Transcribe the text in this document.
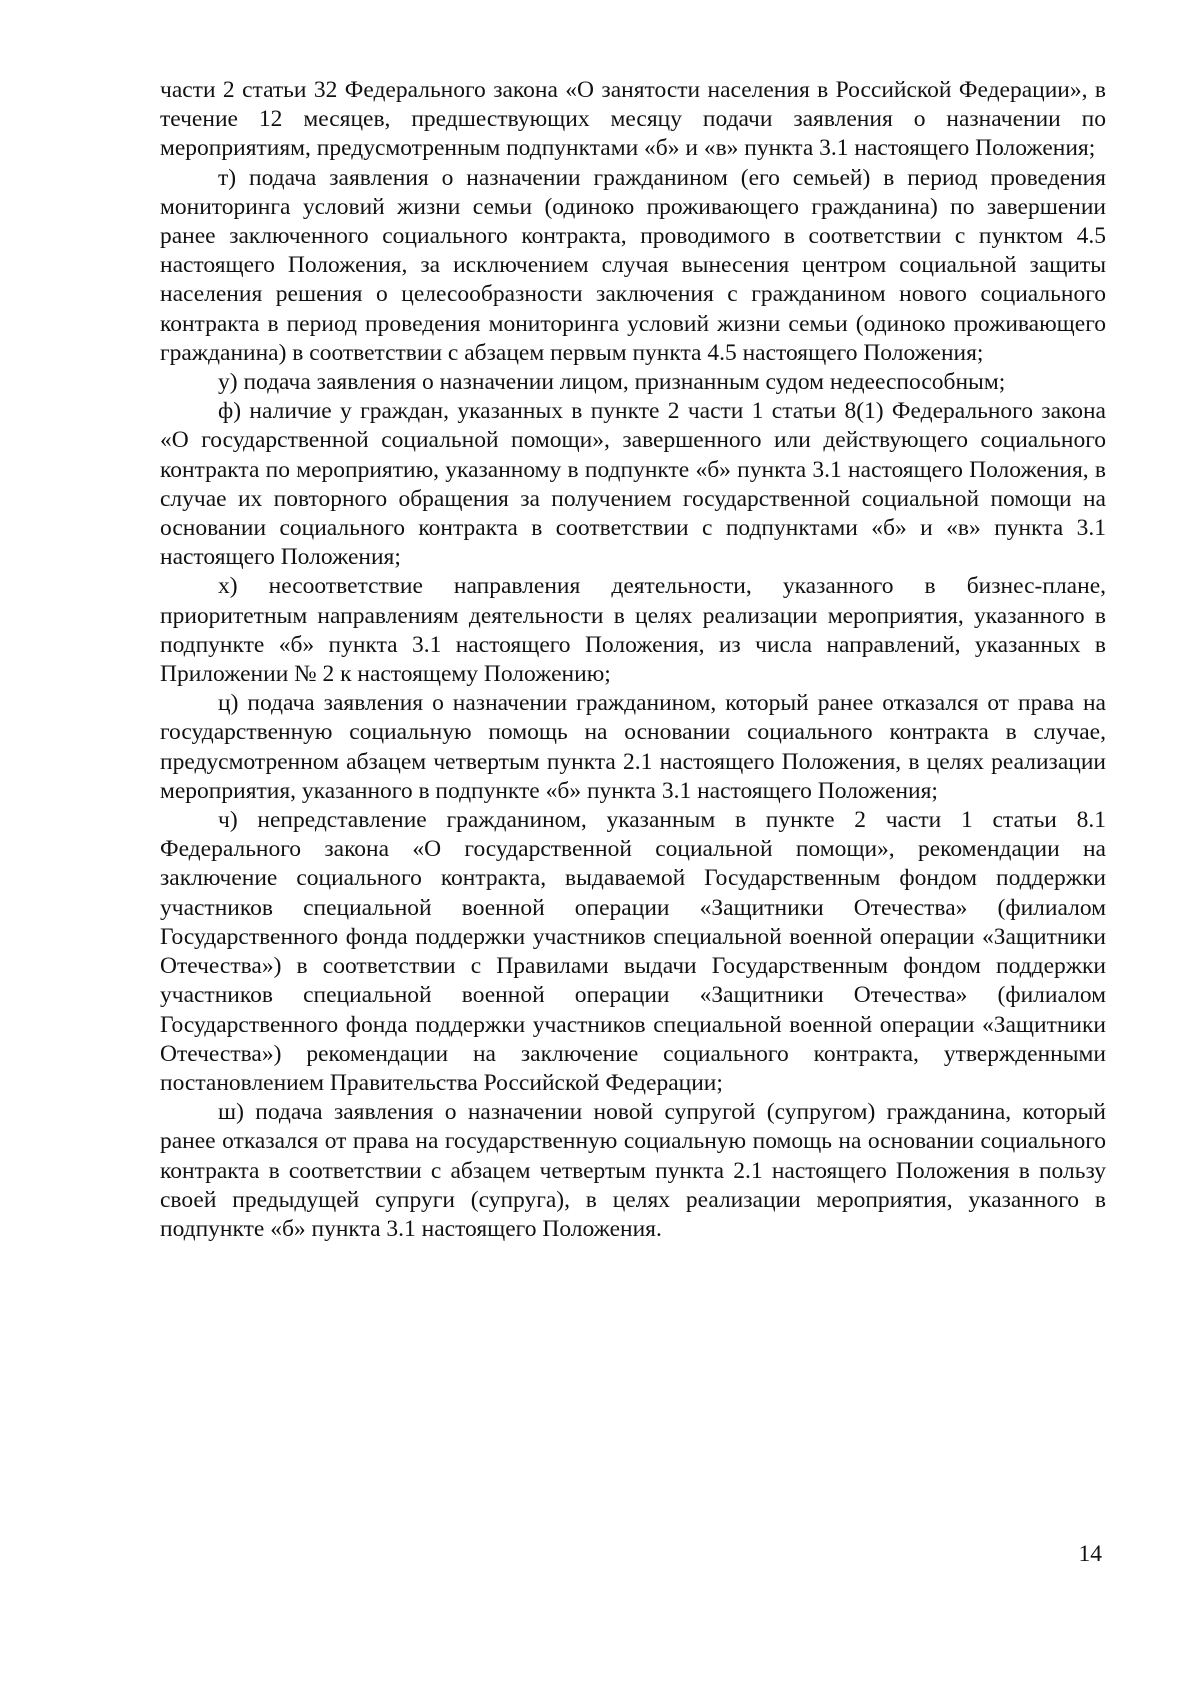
части 2 статьи 32 Федерального закона «О занятости населения в Российской Федерации», в течение 12 месяцев, предшествующих месяцу подачи заявления о назначении по мероприятиям, предусмотренным подпунктами «б» и «в» пункта 3.1 настоящего Положения;

т) подача заявления о назначении гражданином (его семьей) в период проведения мониторинга условий жизни семьи (одиноко проживающего гражданина) по завершении ранее заключенного социального контракта, проводимого в соответствии с пунктом 4.5 настоящего Положения, за исключением случая вынесения центром социальной защиты населения решения о целесообразности заключения с гражданином нового социального контракта в период проведения мониторинга условий жизни семьи (одиноко проживающего гражданина) в соответствии с абзацем первым пункта 4.5 настоящего Положения;

у) подача заявления о назначении лицом, признанным судом недееспособным;

ф) наличие у граждан, указанных в пункте 2 части 1 статьи 8(1) Федерального закона «О государственной социальной помощи», завершенного или действующего социального контракта по мероприятию, указанному в подпункте «б» пункта 3.1 настоящего Положения, в случае их повторного обращения за получением государственной социальной помощи на основании социального контракта в соответствии с подпунктами «б» и «в» пункта 3.1 настоящего Положения;

х) несоответствие направления деятельности, указанного в бизнес-плане, приоритетным направлениям деятельности в целях реализации мероприятия, указанного в подпункте «б» пункта 3.1 настоящего Положения, из числа направлений, указанных в Приложении № 2 к настоящему Положению;

ц) подача заявления о назначении гражданином, который ранее отказался от права на государственную социальную помощь на основании социального контракта в случае, предусмотренном абзацем четвертым пункта 2.1 настоящего Положения, в целях реализации мероприятия, указанного в подпункте «б» пункта 3.1 настоящего Положения;

ч) непредставление гражданином, указанным в пункте 2 части 1 статьи 8.1 Федерального закона «О государственной социальной помощи», рекомендации на заключение социального контракта, выдаваемой Государственным фондом поддержки участников специальной военной операции «Защитники Отечества» (филиалом Государственного фонда поддержки участников специальной военной операции «Защитники Отечества») в соответствии с Правилами выдачи Государственным фондом поддержки участников специальной военной операции «Защитники Отечества» (филиалом Государственного фонда поддержки участников специальной военной операции «Защитники Отечества») рекомендации на заключение социального контракта, утвержденными постановлением Правительства Российской Федерации;

ш) подача заявления о назначении новой супругой (супругом) гражданина, который ранее отказался от права на государственную социальную помощь на основании социального контракта в соответствии с абзацем четвертым пункта 2.1 настоящего Положения в пользу своей предыдущей супруги (супруга), в целях реализации мероприятия, указанного в подпункте «б» пункта 3.1 настоящего Положения.

14
